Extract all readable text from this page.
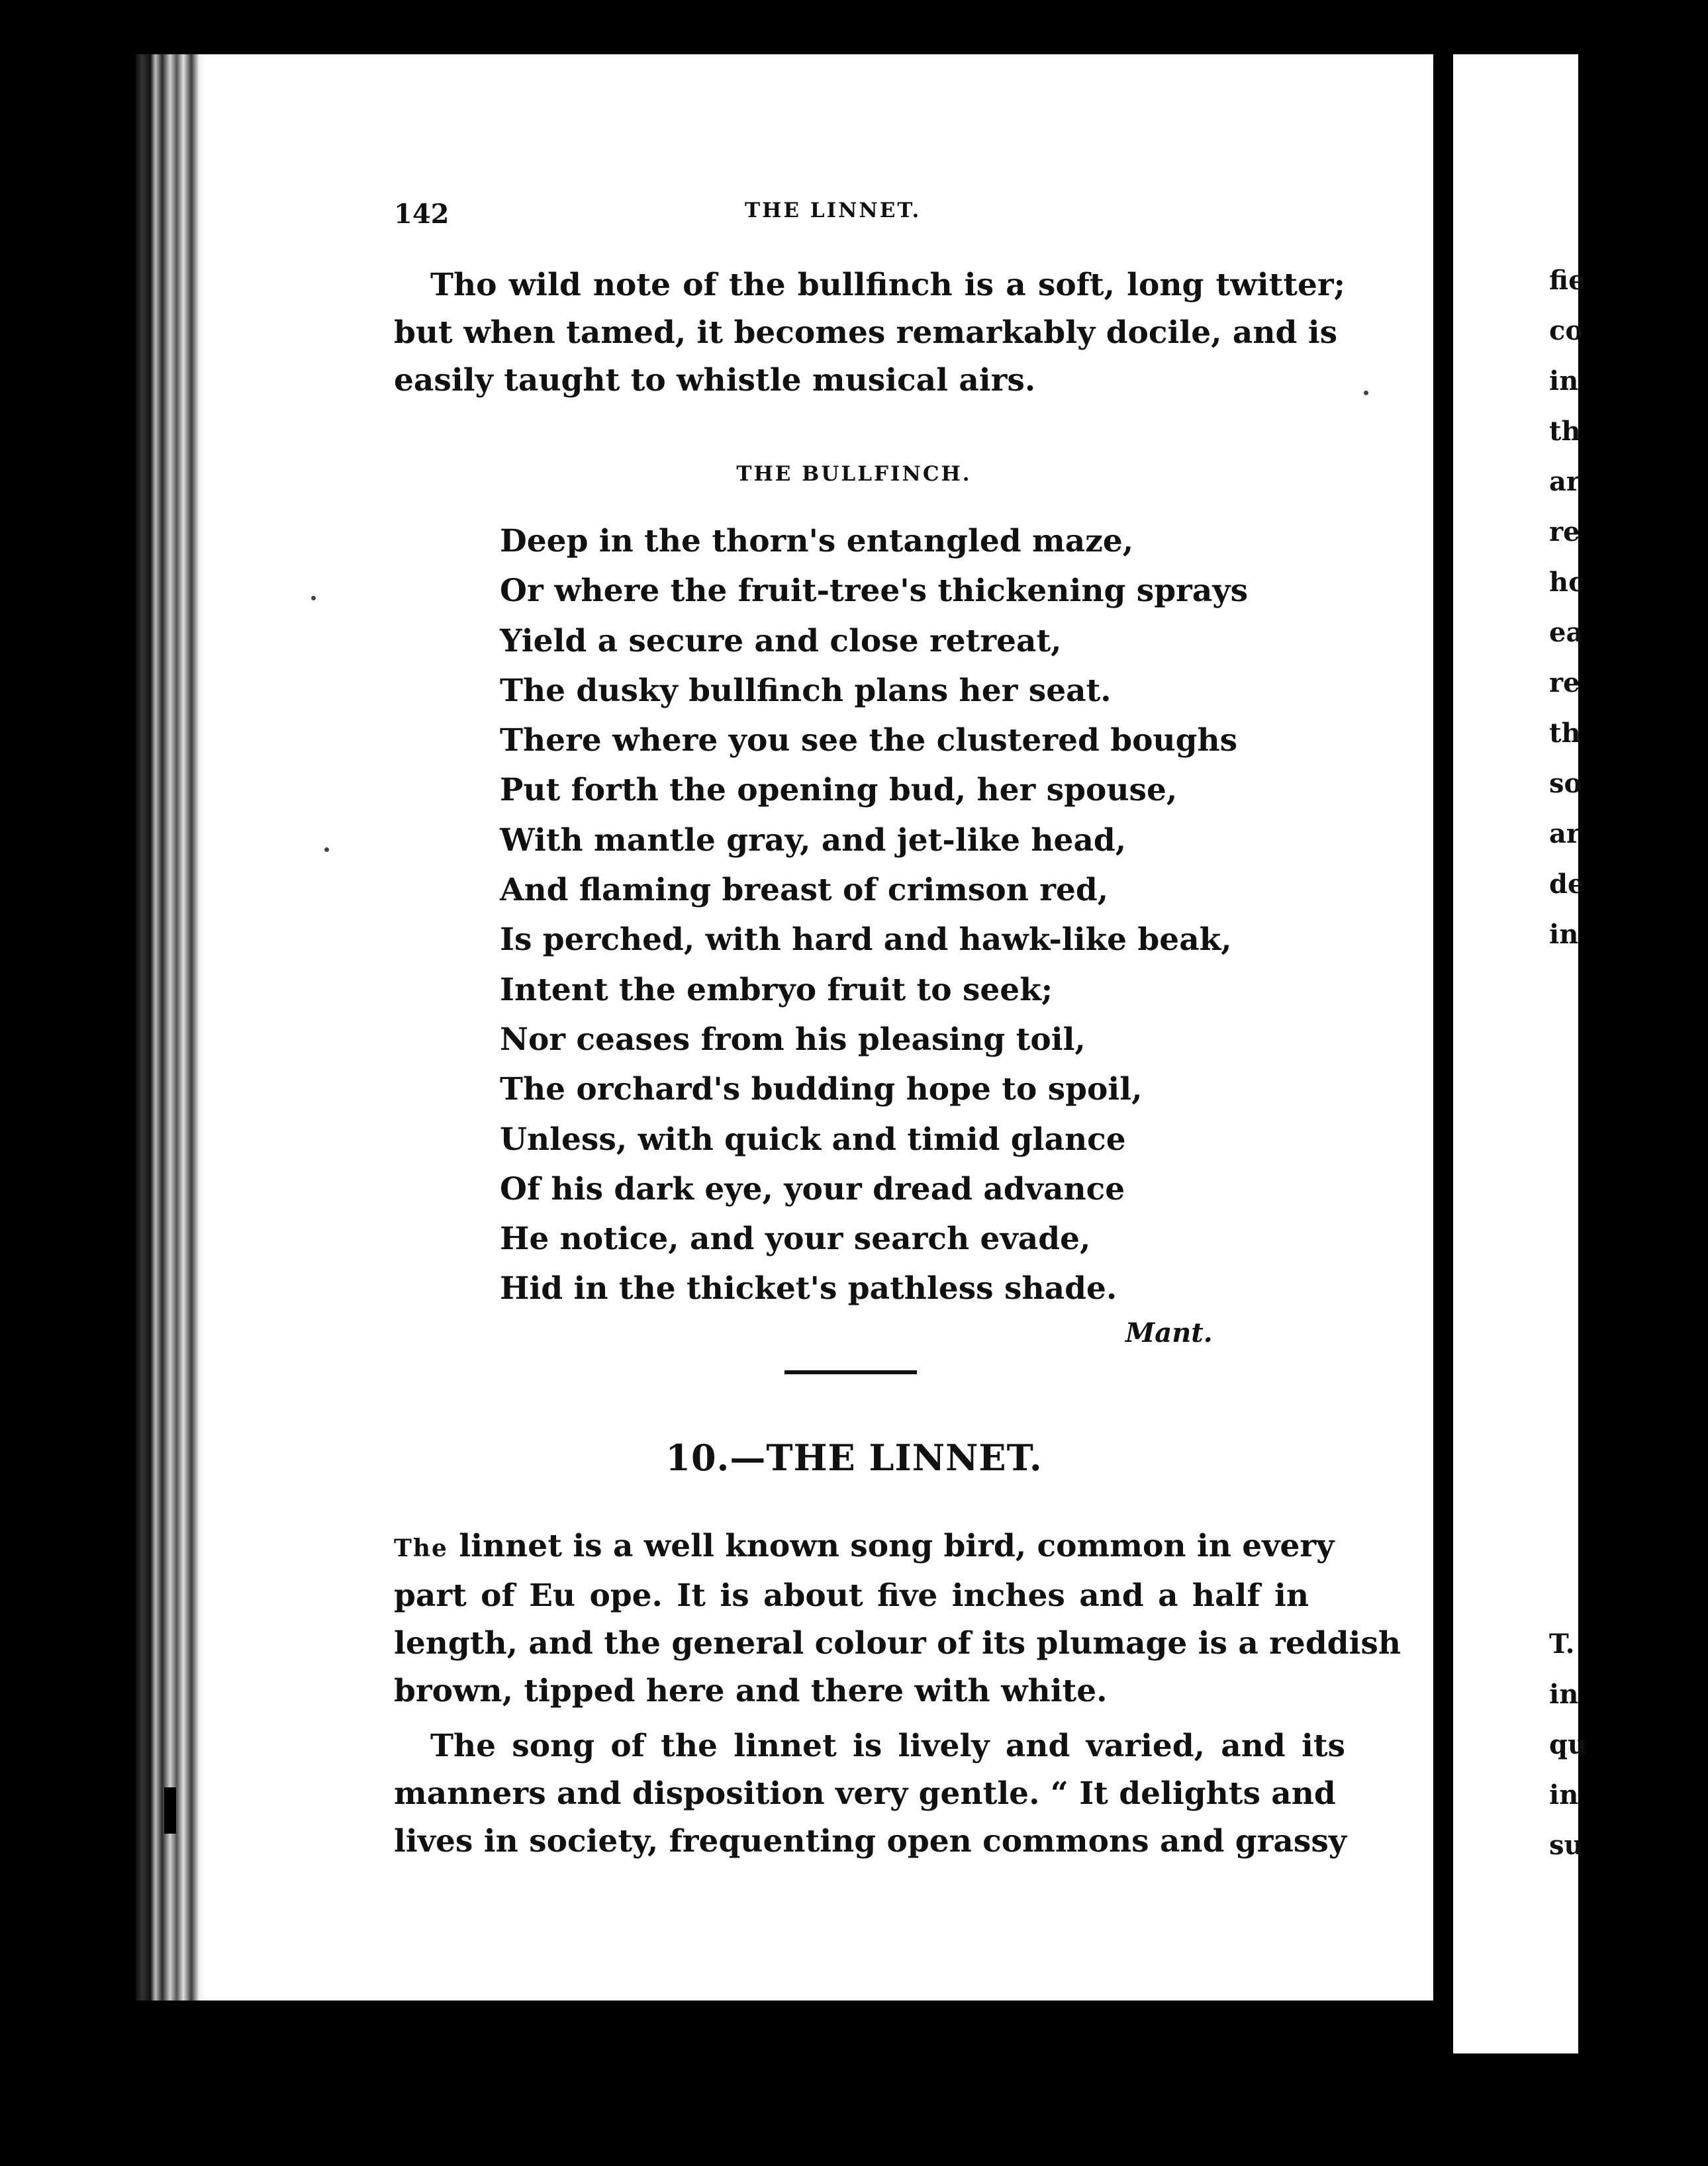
fie
co
in
th
ar
re
hc
ea
re
th
so
ar
de
in
T.
in
qu
in
su
142	THE LINNET.

Tho wild note of the bullfinch is a soft, long twitter;

but when tamed, it becomes remarkably docile, and is
easily taught to whistle musical airs.

THE BULLFINCH.
Deep in the thorn's entangled maze,
Or where the fruit-tree's thickening sprays
Yield a secure and close retreat,
The dusky bullfinch plans her seat.
There where you see the clustered boughs
Put forth the opening bud, her spouse,
With mantle gray, and jet-like head,
And flaming breast of crimson red,
Is perched, with hard and hawk-like beak,
Intent the embryo fruit to seek;
Nor ceases from his pleasing toil,
The orchard's budding hope to spoil,
Unless, with quick and timid glance
Of his dark eye, your dread advance
He notice, and your search evade,
Hid in the thicket's pathless shade.
Mant.
10.—THE LINNET.

The linnet is a well known song bird, common in every
part of Eu ope. It is about five inches and a half in
length, and the general colour of its plumage is a reddish
brown, tipped here and there with white.

The song of the linnet is lively and varied, and its

manners and disposition very gentle. “ It delights and
lives in society, frequenting open commons and grassy
